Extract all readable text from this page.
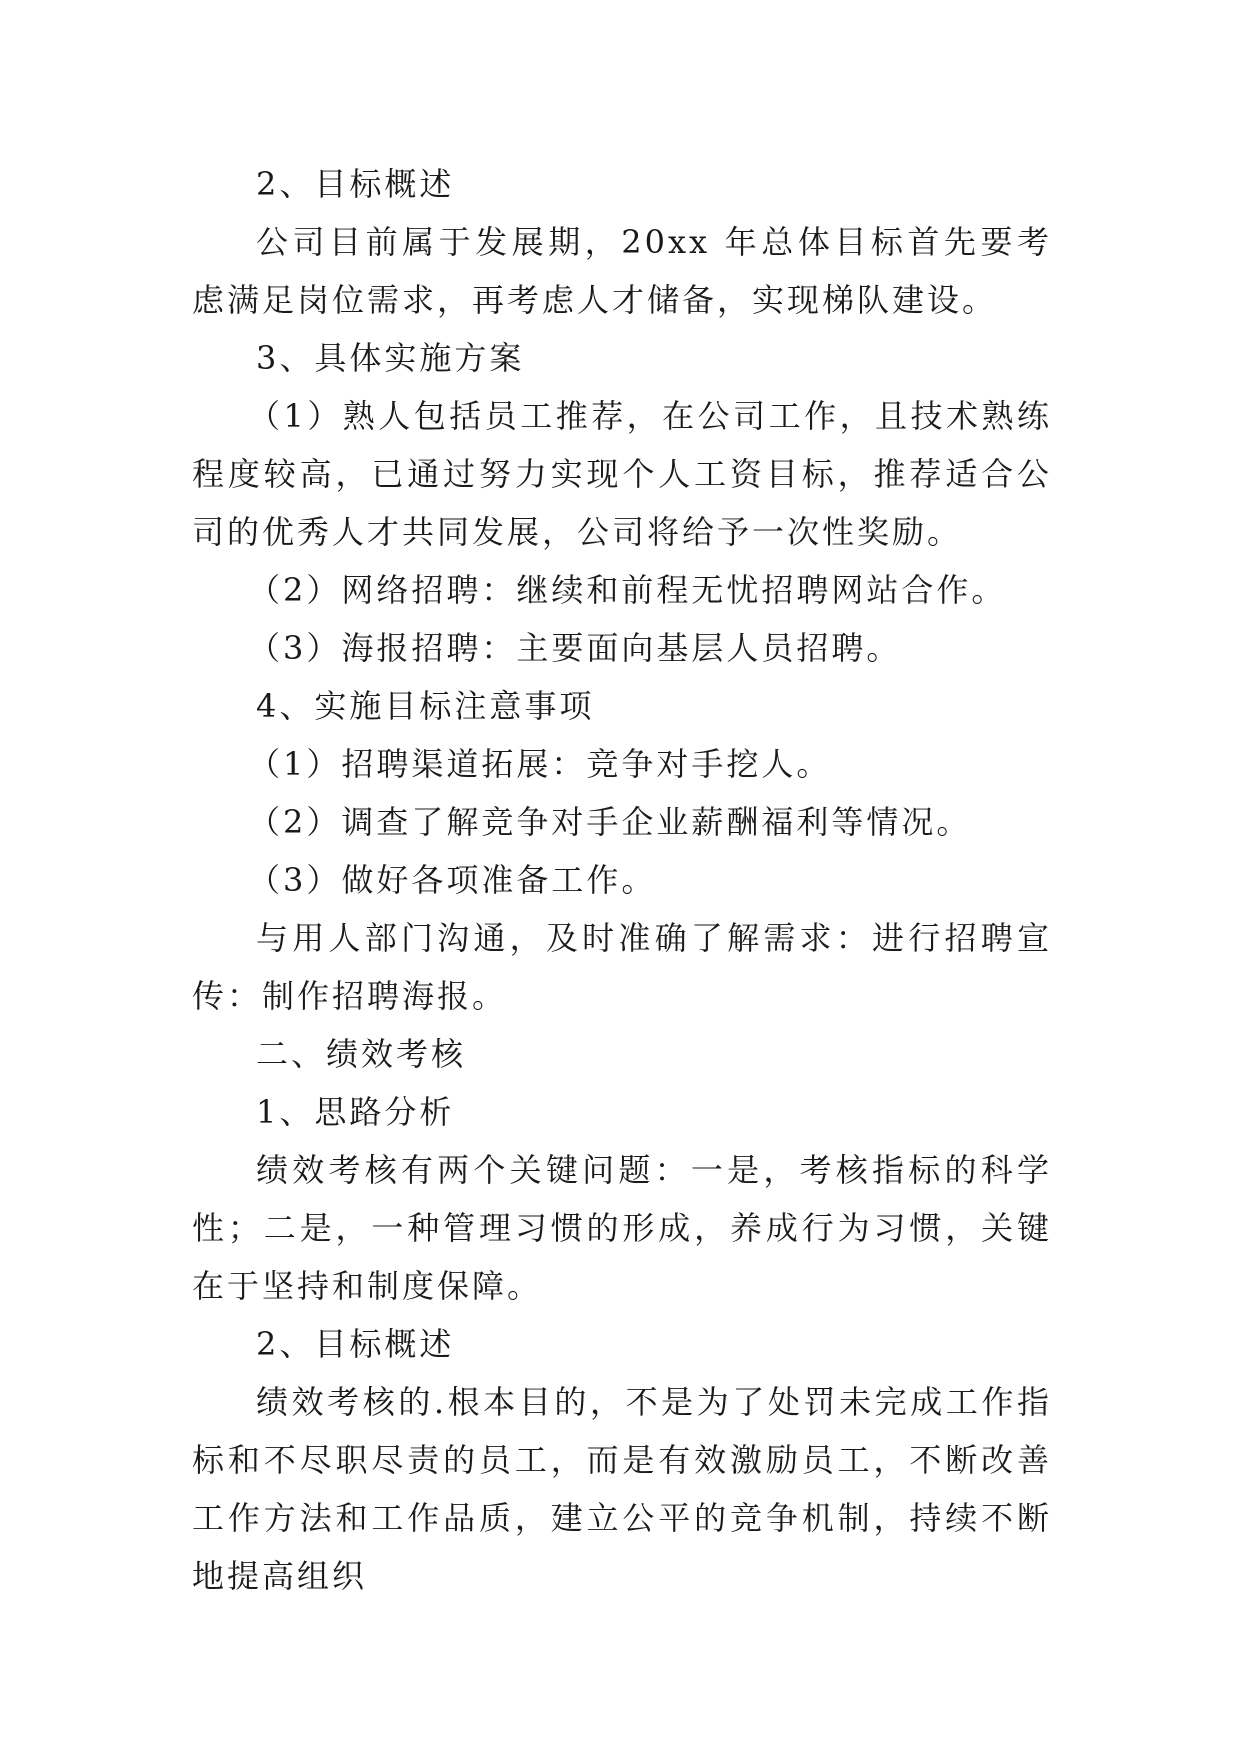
2、目标概述

公司目前属于发展期，20xx 年总体目标首先要考虑满足岗位需求，再考虑人才储备，实现梯队建设。

3、具体实施方案

（1）熟人包括员工推荐，在公司工作，且技术熟练程度较高，已通过努力实现个人工资目标，推荐适合公司的优秀人才共同发展，公司将给予一次性奖励。

（2）网络招聘：继续和前程无忧招聘网站合作。

（3）海报招聘：主要面向基层人员招聘。

4、实施目标注意事项

（1）招聘渠道拓展：竞争对手挖人。

（2）调查了解竞争对手企业薪酬福利等情况。

（3）做好各项准备工作。

与用人部门沟通，及时准确了解需求：进行招聘宣传：制作招聘海报。

二、绩效考核

1、思路分析

绩效考核有两个关键问题：一是，考核指标的科学性；二是，一种管理习惯的形成，养成行为习惯，关键在于坚持和制度保障。

2、目标概述

绩效考核的.根本目的，不是为了处罚未完成工作指标和不尽职尽责的员工，而是有效激励员工，不断改善工作方法和工作品质，建立公平的竞争机制，持续不断地提高组织
